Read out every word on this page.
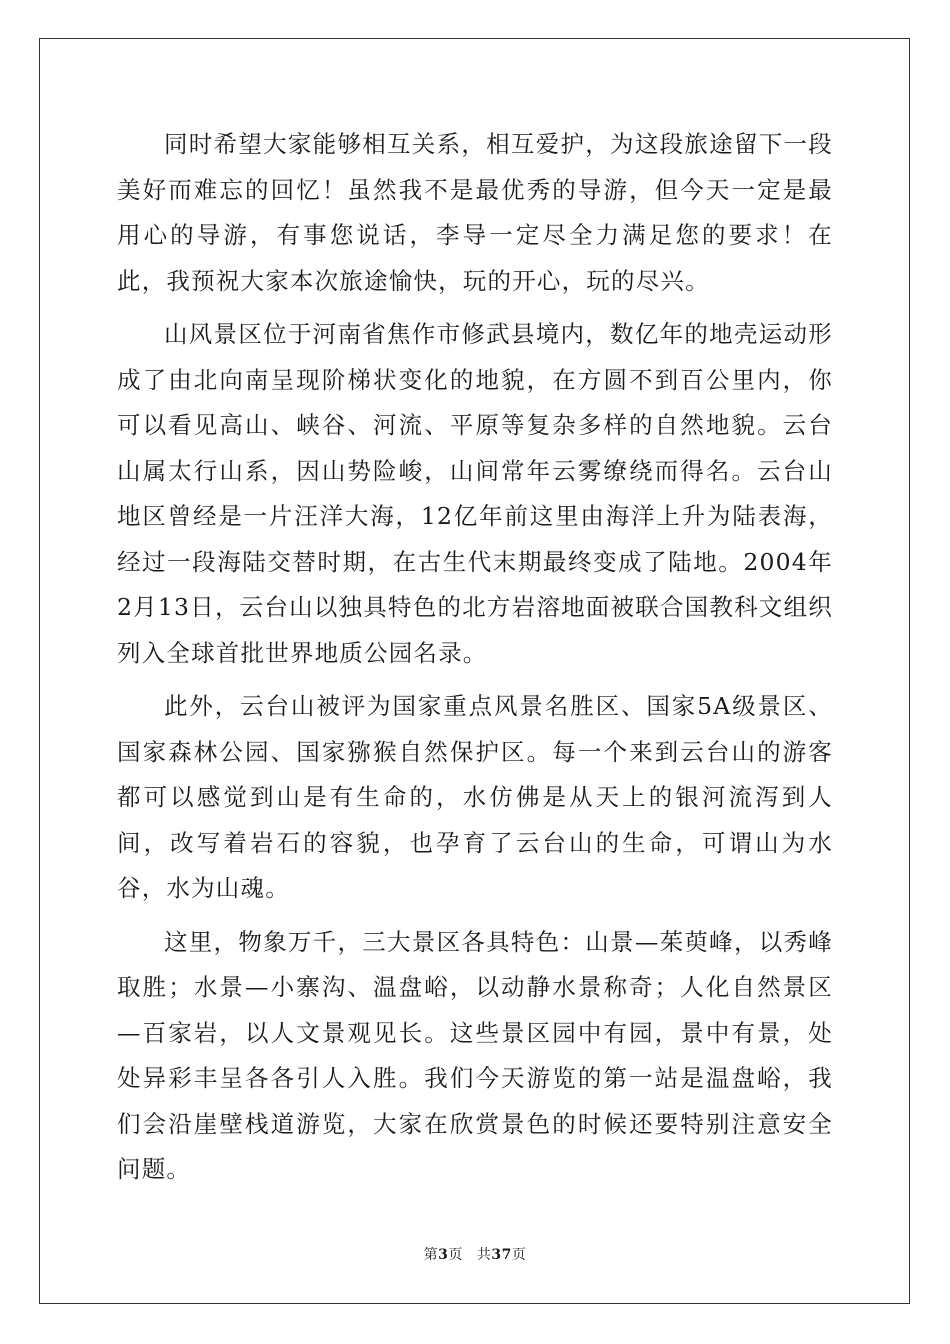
同时希望大家能够相互关系，相互爱护，为这段旅途留下一段美好而难忘的回忆！虽然我不是最优秀的导游，但今天一定是最用心的导游，有事您说话，李导一定尽全力满足您的要求！在此，我预祝大家本次旅途愉快，玩的开心，玩的尽兴。

山风景区位于河南省焦作市修武县境内，数亿年的地壳运动形成了由北向南呈现阶梯状变化的地貌，在方圆不到百公里内，你可以看见高山、峡谷、河流、平原等复杂多样的自然地貌。云台山属太行山系，因山势险峻，山间常年云雾缭绕而得名。云台山地区曾经是一片汪洋大海，12亿年前这里由海洋上升为陆表海，经过一段海陆交替时期，在古生代末期最终变成了陆地。2004年2月13日，云台山以独具特色的北方岩溶地面被联合国教科文组织列入全球首批世界地质公园名录。

此外，云台山被评为国家重点风景名胜区、国家5A级景区、国家森林公园、国家猕猴自然保护区。每一个来到云台山的游客都可以感觉到山是有生命的，水仿佛是从天上的银河流泻到人间，改写着岩石的容貌，也孕育了云台山的生命，可谓山为水谷，水为山魂。

这里，物象万千，三大景区各具特色：山景—茱萸峰，以秀峰取胜；水景—小寨沟、温盘峪，以动静水景称奇；人化自然景区—百家岩，以人文景观见长。这些景区园中有园，景中有景，处处异彩丰呈各各引人入胜。我们今天游览的第一站是温盘峪，我们会沿崖壁栈道游览，大家在欣赏景色的时候还要特别注意安全问题。

第3页 共37页
